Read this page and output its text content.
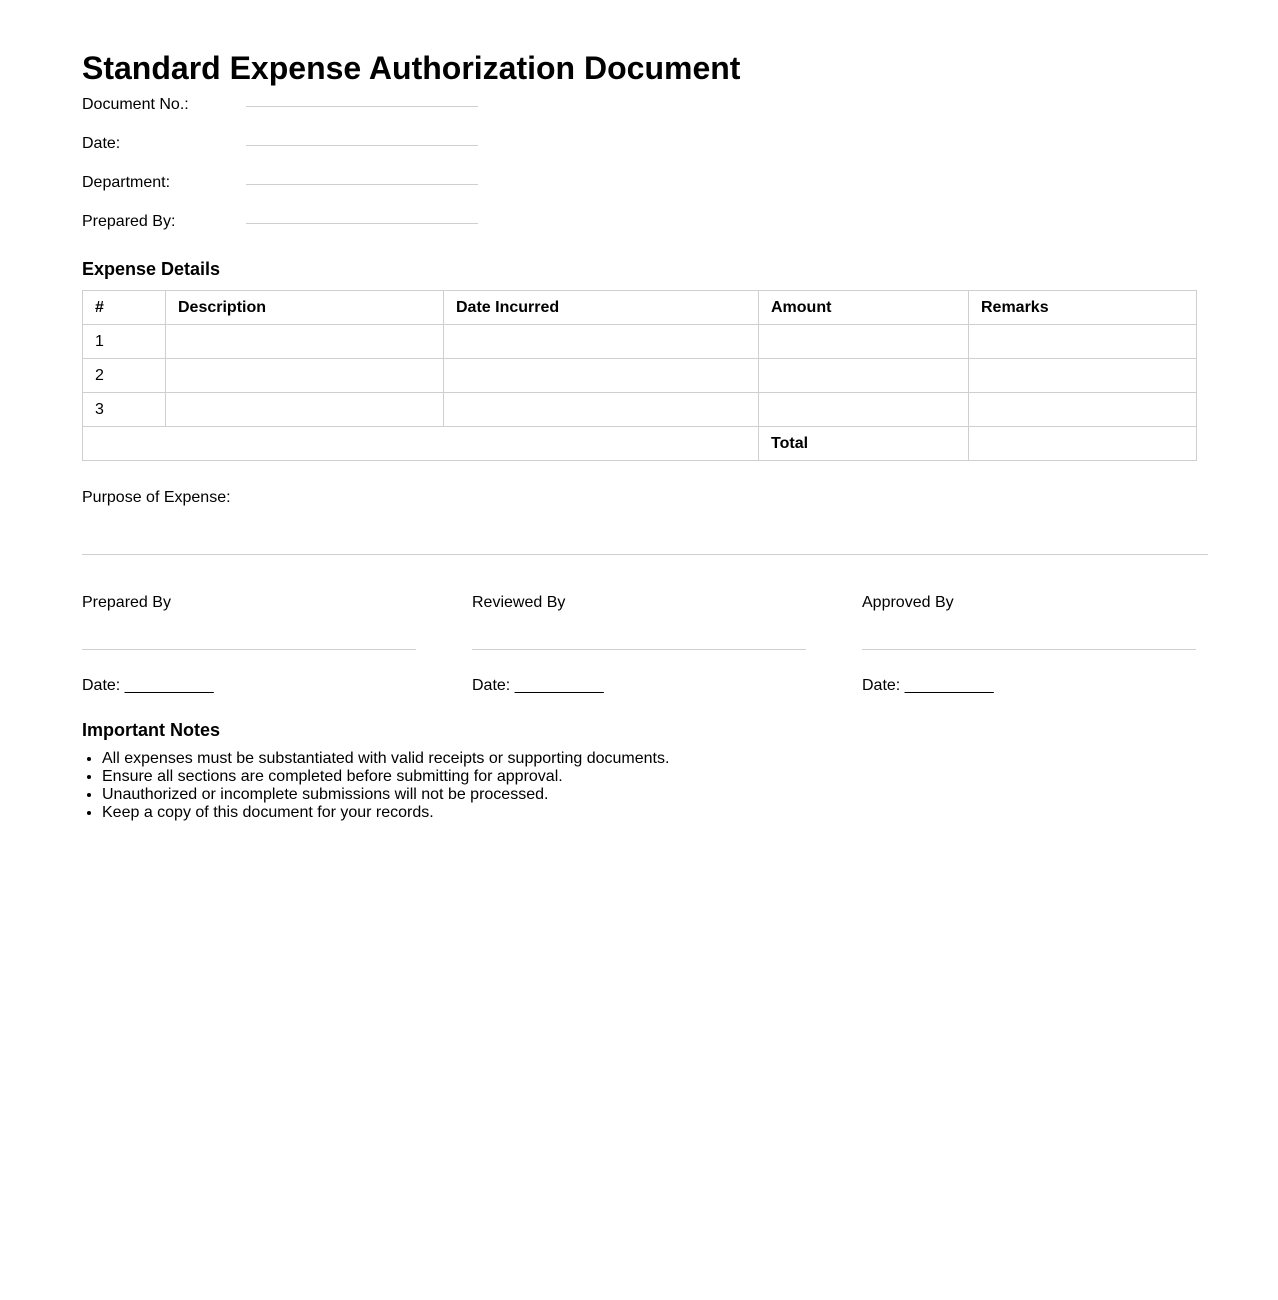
Standard Expense Authorization Document
Document No.:
Date:
Department:
Prepared By:
Expense Details
#	Description	Date Incurred	Amount	Remarks
1				
2				
3				
			Total	
Purpose of Expense:
Prepared By
Date: __________
Reviewed By
Date: __________
Approved By
Date: __________
Important Notes
• All expenses must be substantiated with valid receipts or supporting documents.
• Ensure all sections are completed before submitting for approval.
• Unauthorized or incomplete submissions will not be processed.
• Keep a copy of this document for your records.
